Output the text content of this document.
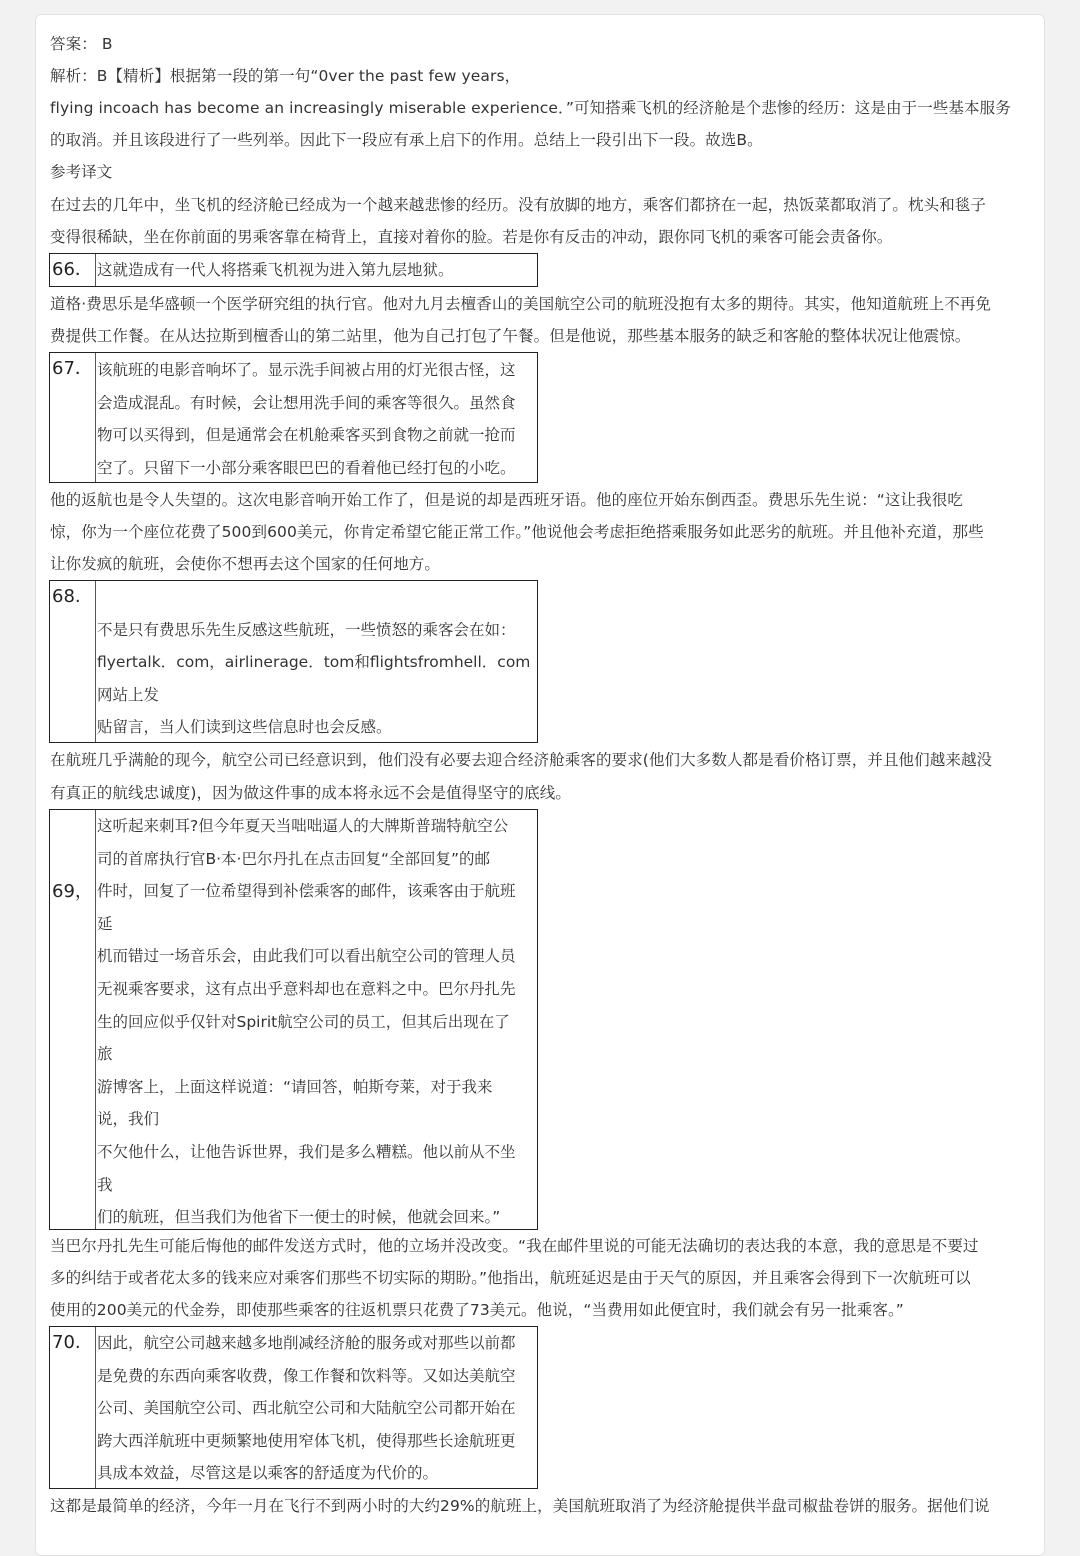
答案： B
解析：B【精析】根据第一段的第一句“0ver the past few years，
flying incoach has become an increasingly miserable experience．”可知搭乘飞机的经济舱是个悲惨的经历：这是由于一些基本服务
的取消。并且该段进行了一些列举。因此下一段应有承上启下的作用。总结上一段引出下一段。故选B。
参考译文
在过去的几年中，坐飞机的经济舱已经成为一个越来越悲惨的经历。没有放脚的地方，乘客们都挤在一起，热饭菜都取消了。枕头和毯子
变得很稀缺，坐在你前面的男乘客靠在椅背上，直接对着你的脸。若是你有反击的冲动，跟你同飞机的乘客可能会责备你。
66． 这就造成有一代人将搭乘飞机视为进入第九层地狱。
道格·费思乐是华盛顿一个医学研究组的执行官。他对九月去檀香山的美国航空公司的航班没抱有太多的期待。其实，他知道航班上不再免
费提供工作餐。在从达拉斯到檀香山的第二站里，他为自己打包了午餐。但是他说，那些基本服务的缺乏和客舱的整体状况让他震惊。
67． 该航班的电影音响坏了。显示洗手间被占用的灯光很古怪，这
会造成混乱。有时候，会让想用洗手间的乘客等很久。虽然食
物可以买得到，但是通常会在机舱乘客买到食物之前就一抢而
空了。只留下一小部分乘客眼巴巴的看着他已经打包的小吃。
他的返航也是令人失望的。这次电影音响开始工作了，但是说的却是西班牙语。他的座位开始东倒西歪。费思乐先生说：“这让我很吃
惊，你为一个座位花费了500到600美元，你肯定希望它能正常工作。”他说他会考虑拒绝搭乘服务如此恶劣的航班。并且他补充道，那些
让你发疯的航班，会使你不想再去这个国家的任何地方。
68.
不是只有费思乐先生反感这些航班，一些愤怒的乘客会在如：
flyertalk．com，airlinerage．tom和flightsfromhell．com
网站上发
贴留言，当人们读到这些信息时也会反感。
在航班几乎满舱的现今，航空公司已经意识到，他们没有必要去迎合经济舱乘客的要求(他们大多数人都是看价格订票，并且他们越来越没
有真正的航线忠诚度)，因为做这件事的成本将永远不会是值得坚守的底线。
69，
这听起来刺耳?但今年夏天当咄咄逼人的大牌斯普瑞特航空公
司的首席执行官B·本·巴尔丹扎在点击回复“全部回复”的邮
件时，回复了一位希望得到补偿乘客的邮件，该乘客由于航班
延
机而错过一场音乐会，由此我们可以看出航空公司的管理人员
无视乘客要求，这有点出乎意料却也在意料之中。巴尔丹扎先
生的回应似乎仅针对Spirit航空公司的员工，但其后出现在了
旅
游博客上，上面这样说道：“请回答，帕斯夸莱，对于我来
说，我们
不欠他什么，让他告诉世界，我们是多么糟糕。他以前从不坐
我
们的航班，但当我们为他省下一便士的时候，他就会回来。”
当巴尔丹扎先生可能后悔他的邮件发送方式时，他的立场并没改变。“我在邮件里说的可能无法确切的表达我的本意，我的意思是不要过
多的纠结于或者花太多的钱来应对乘客们那些不切实际的期盼。”他指出，航班延迟是由于天气的原因，并且乘客会得到下一次航班可以
使用的200美元的代金券，即使那些乘客的往返机票只花费了73美元。他说，“当费用如此便宜时，我们就会有另一批乘客。”
70. 因此，航空公司越来越多地削减经济舱的服务或对那些以前都
是免费的东西向乘客收费，像工作餐和饮料等。又如达美航空
公司、美国航空公司、西北航空公司和大陆航空公司都开始在
跨大西洋航班中更频繁地使用窄体飞机，使得那些长途航班更
具成本效益，尽管这是以乘客的舒适度为代价的。
这都是最简单的经济，今年一月在飞行不到两小时的大约29%的航班上，美国航班取消了为经济舱提供半盘司椒盐卷饼的服务。据他们说
